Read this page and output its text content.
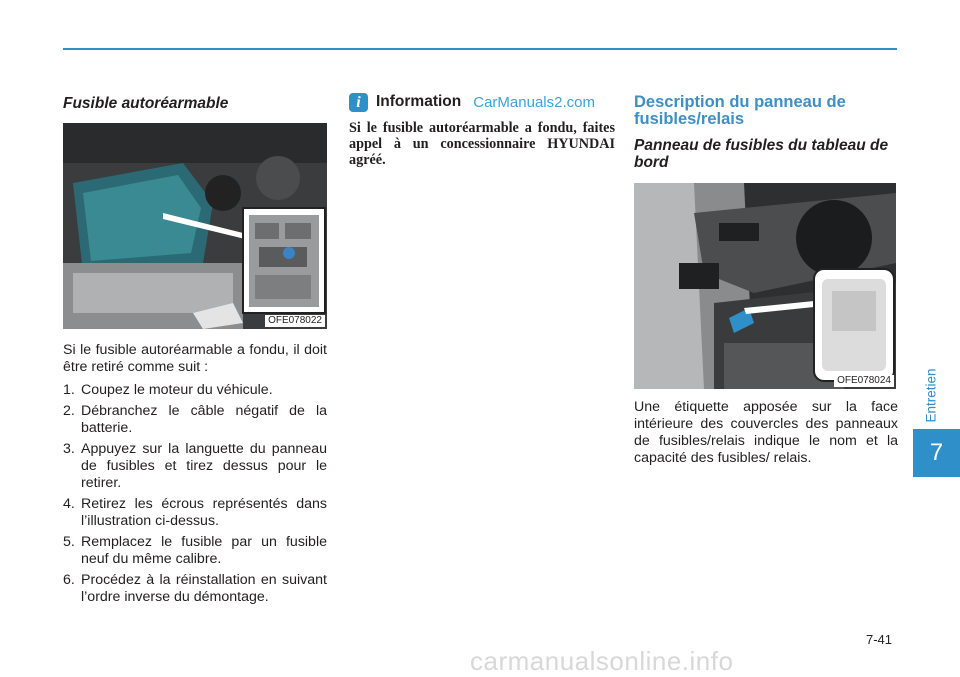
Fusible autoréarmable
OFE078022

Si le fusible autoréarmable a fondu, il doit être retiré comme suit :

1. Coupez le moteur du véhicule.
2. Débranchez le câble négatif de la batterie.
3. Appuyez sur la languette du panneau de fusibles et tirez dessus pour le retirer.
4. Retirez les écrous représentés dans l’illustration ci-dessus.
5. Remplacez le fusible par un fusible neuf du même calibre.
6. Procédez à la réinstallation en suivant l’ordre inverse du démontage.
i Information CarManuals2.com

Si le fusible autoréarmable a fondu, faites appel à un concessionnaire HYUNDAI agréé.

Description du panneau de fusibles/relais
Panneau de fusibles du tableau de bord
OFE078024

Une étiquette apposée sur la face intérieure des couvercles des panneaux de fusibles/relais indique le nom et la capacité des fusibles/ relais.

Entretien
7
7-41
carmanualsonline.info
